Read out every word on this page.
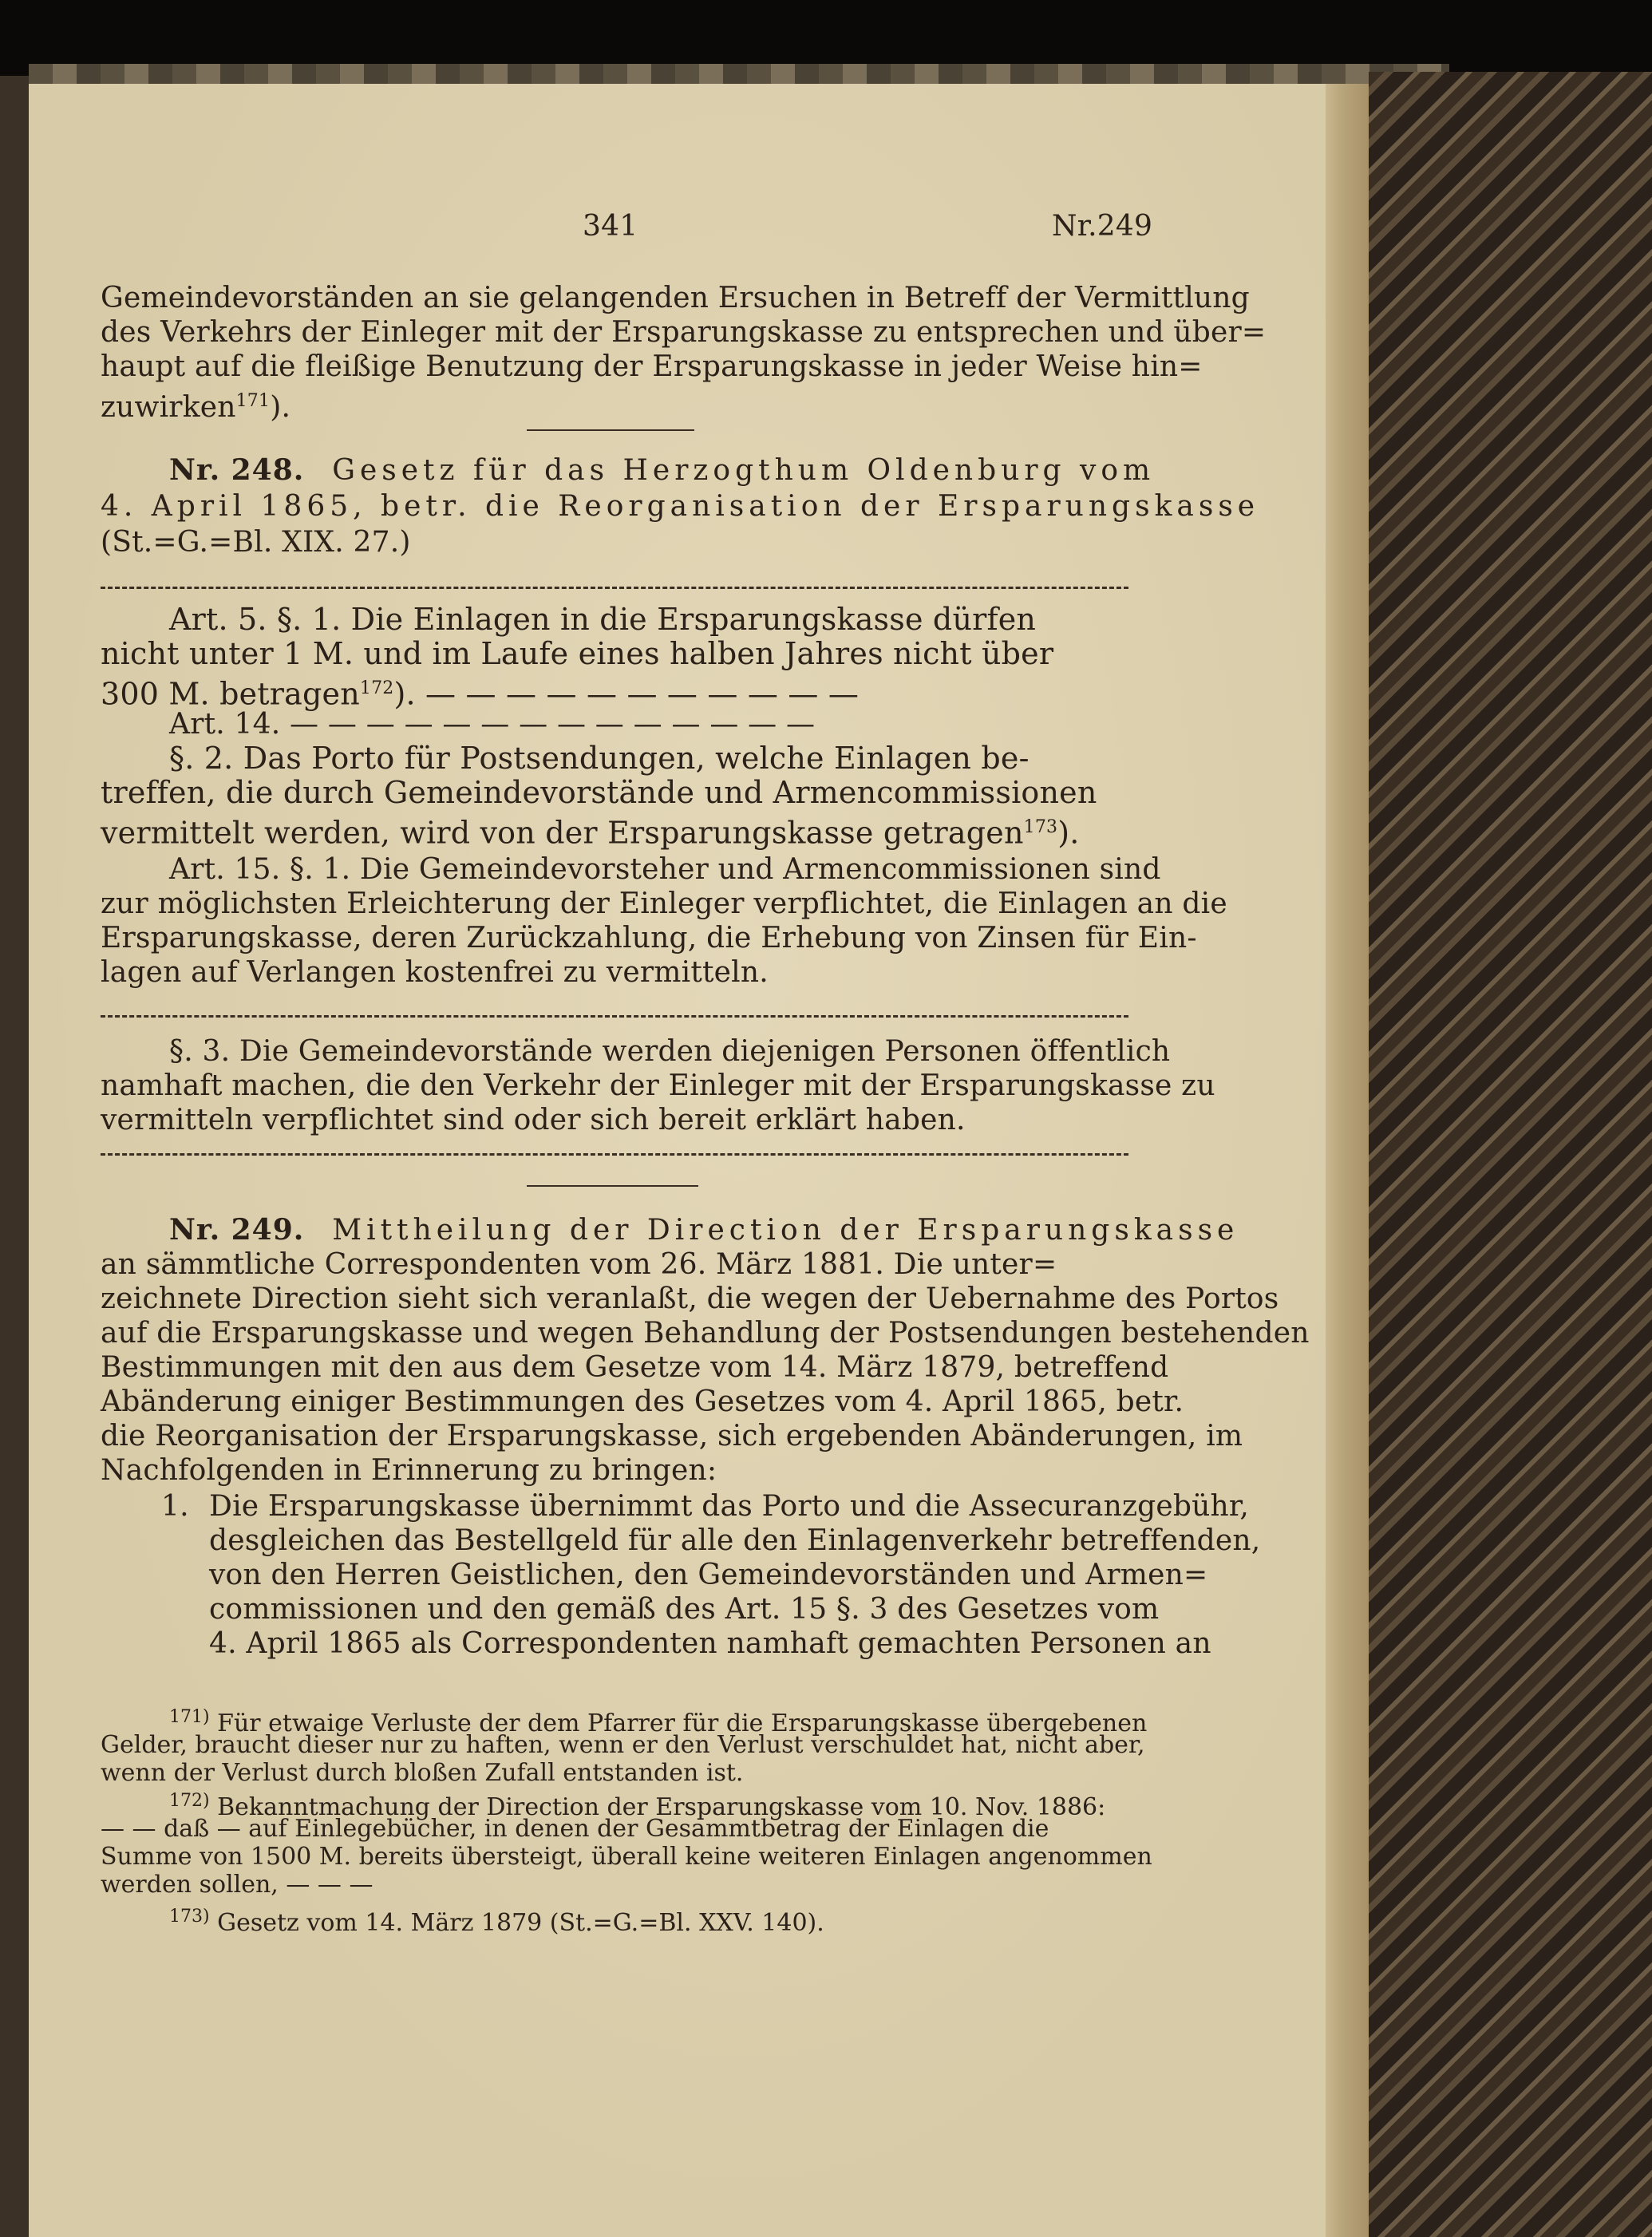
341	Nr.249
Gemeindevorständen an sie gelangenden Ersuchen in Betreff der Vermittlung
des Verkehrs der Einleger mit der Ersparungskasse zu entsprechen und über=
haupt auf die fleißige Benutzung der Ersparungskasse in jeder Weise hin=
zuwirken$^{171}$).
Nr. 248. Gesetz für das Herzogthum Oldenburg vom
4. April 1865, betr. die Reorganisation der Ersparungskasse
(St.=G.=Bl. XIX. 27.)
Art. 5. §. 1. Die Einlagen in die Ersparungskasse dürfen
nicht unter 1 M. und im Laufe eines halben Jahres nicht über
300 M. betragen$^{172}$). — — — — — — — — — — —
Art. 14. — — — — — — — — — — — — — —
§. 2. Das Porto für Postsendungen, welche Einlagen be-
treffen, die durch Gemeindevorstände und Armencommissionen
vermittelt werden, wird von der Ersparungskasse getragen$^{173}$).
Art. 15. §. 1. Die Gemeindevorsteher und Armencommissionen sind
zur möglichsten Erleichterung der Einleger verpflichtet, die Einlagen an die
Ersparungskasse, deren Zurückzahlung, die Erhebung von Zinsen für Ein-
lagen auf Verlangen kostenfrei zu vermitteln.
§. 3. Die Gemeindevorstände werden diejenigen Personen öffentlich
namhaft machen, die den Verkehr der Einleger mit der Ersparungskasse zu
vermitteln verpflichtet sind oder sich bereit erklärt haben.
Nr. 249. Mittheilung der Direction der Ersparungskasse
an sämmtliche Correspondenten vom 26. März 1881. Die unter=
zeichnete Direction sieht sich veranlaßt, die wegen der Uebernahme des Portos
auf die Ersparungskasse und wegen Behandlung der Postsendungen bestehenden
Bestimmungen mit den aus dem Gesetze vom 14. März 1879, betreffend
Abänderung einiger Bestimmungen des Gesetzes vom 4. April 1865, betr.
die Reorganisation der Ersparungskasse, sich ergebenden Abänderungen, im
Nachfolgenden in Erinnerung zu bringen:
1. Die Ersparungskasse übernimmt das Porto und die Assecuranzgebühr,
desgleichen das Bestellgeld für alle den Einlagenverkehr betreffenden,
von den Herren Geistlichen, den Gemeindevorständen und Armen=
commissionen und den gemäß des Art. 15 §. 3 des Gesetzes vom
4. April 1865 als Correspondenten namhaft gemachten Personen an
$^{171)}$ Für etwaige Verluste der dem Pfarrer für die Ersparungskasse übergebenen
Gelder, braucht dieser nur zu haften, wenn er den Verlust verschuldet hat, nicht aber,
wenn der Verlust durch bloßen Zufall entstanden ist.
$^{172)}$ Bekanntmachung der Direction der Ersparungskasse vom 10. Nov. 1886:
— — daß — auf Einlegebücher, in denen der Gesammtbetrag der Einlagen die
Summe von 1500 M. bereits übersteigt, überall keine weiteren Einlagen angenommen
werden sollen, — — —
$^{173)}$ Gesetz vom 14. März 1879 (St.=G.=Bl. XXV. 140).
